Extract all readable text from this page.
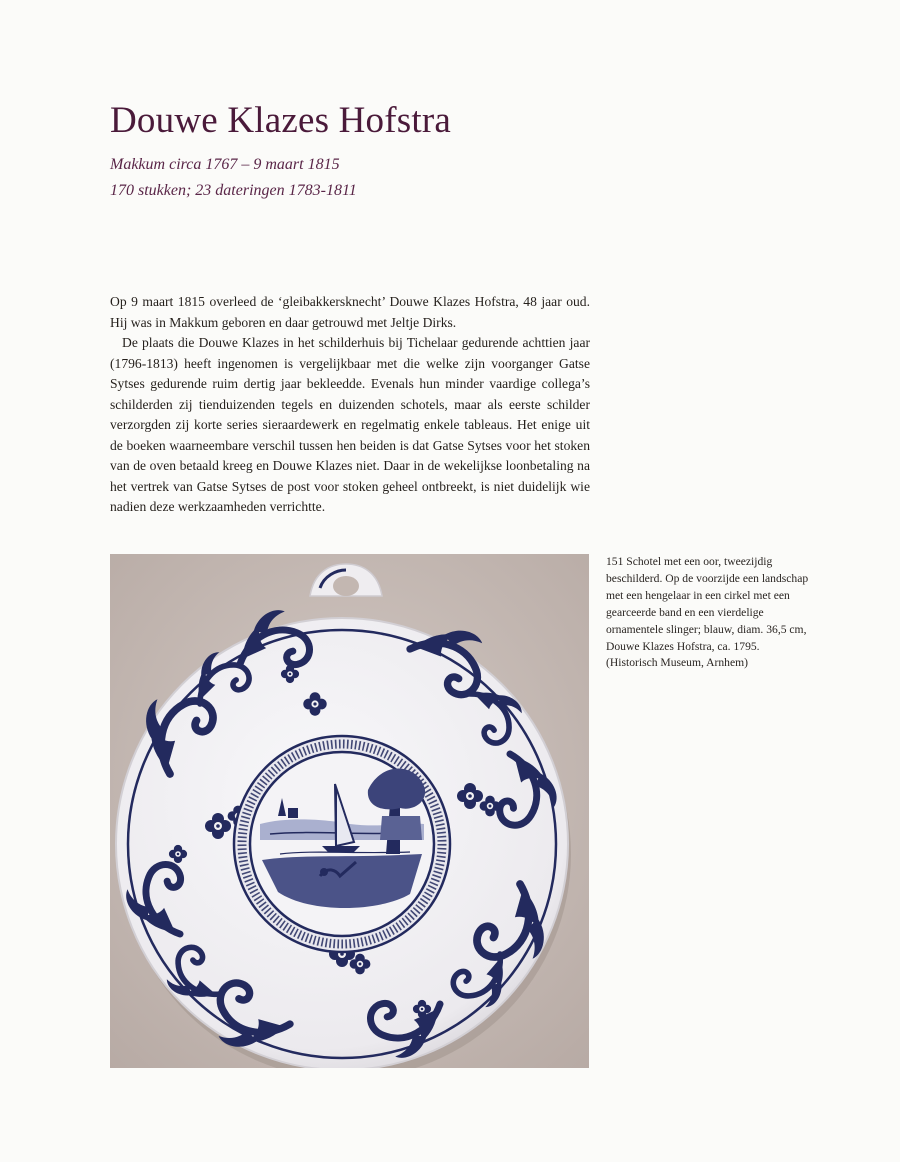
Douwe Klazes Hofstra
Makkum circa 1767 – 9 maart 1815
170 stukken; 23 dateringen 1783-1811

Op 9 maart 1815 overleed de ‘gleibakkersknecht’ Douwe Klazes Hofstra, 48 jaar oud. Hij was in Makkum geboren en daar getrouwd met Jeltje Dirks.

De plaats die Douwe Klazes in het schilderhuis bij Tichelaar gedurende achttien jaar (1796-1813) heeft ingenomen is vergelijkbaar met die welke zijn voorganger Gatse Sytses gedurende ruim dertig jaar bekleedde. Evenals hun minder vaardige collega’s schilderden zij tienduizenden tegels en duizenden schotels, maar als eerste schilder verzorgden zij korte series sieraardewerk en regelmatig enkele tableaus. Het enige uit de boeken waarneembare verschil tussen hen beiden is dat Gatse Sytses voor het stoken van de oven betaald kreeg en Douwe Klazes niet. Daar in de wekelijkse loonbetaling na het vertrek van Gatse Sytses de post voor stoken geheel ontbreekt, is niet duidelijk wie nadien deze werkzaamheden verrichtte.

151 Schotel met een oor, tweezijdig beschilderd. Op de voorzijde een landschap met een hengelaar in een cirkel met een gearceerde band en een vierdelige ornamentele slinger; blauw, diam. 36,5 cm, Douwe Klazes Hofstra, ca. 1795. (Historisch Museum, Arnhem)
